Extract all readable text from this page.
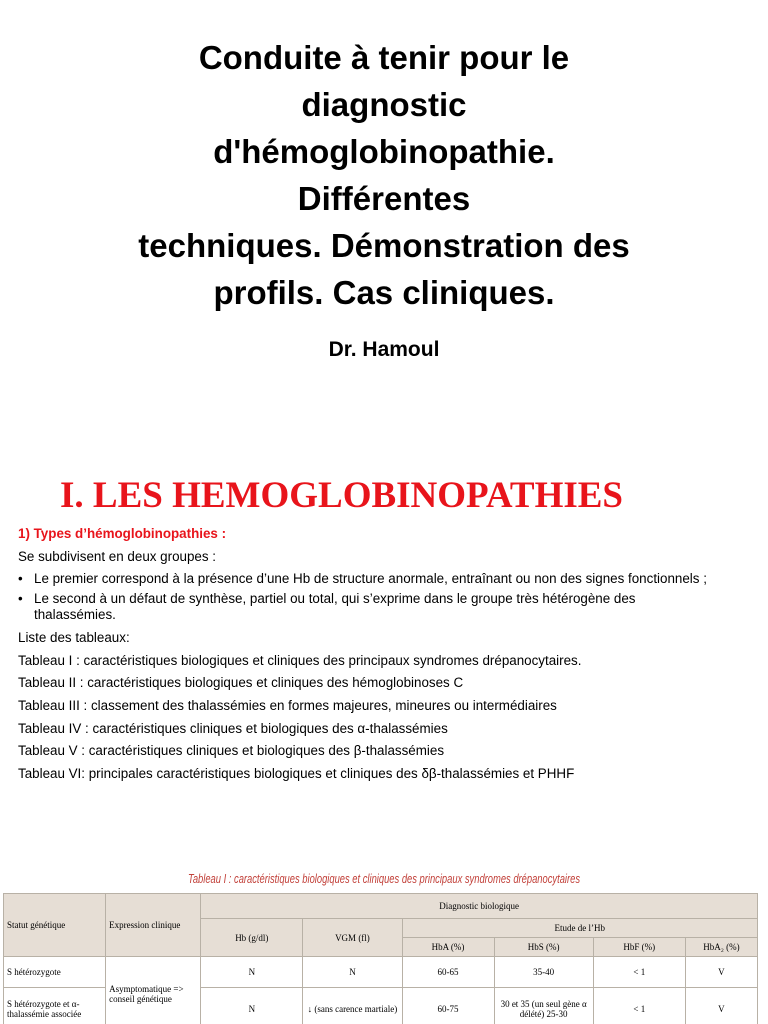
Conduite à tenir pour le
diagnostic
d'hémoglobinopathie.
Différentes
techniques. Démonstration des
profils. Cas cliniques.
Dr. Hamoul
I. LES HEMOGLOBINOPATHIES
1) Types d’hémoglobinopathies :
Se subdivisent en deux groupes :
• Le premier correspond à la présence d’une Hb de structure anormale, entraînant ou non des signes fonctionnels ;
• Le second à un défaut de synthèse, partiel ou total, qui s’exprime dans le groupe très hétérogène des thalassémies.
Liste des tableaux:
Tableau I : caractéristiques biologiques et cliniques des principaux syndromes drépanocytaires.
Tableau II : caractéristiques biologiques et cliniques des hémoglobinoses C
Tableau III : classement des thalassémies en formes majeures, mineures ou intermédiaires
Tableau IV : caractéristiques cliniques et biologiques des α-thalassémies
Tableau V : caractéristiques cliniques et biologiques des β-thalassémies
Tableau VI: principales caractéristiques biologiques et cliniques des δβ-thalassémies et PHHF
Tableau I : caractéristiques biologiques et cliniques des principaux syndromes drépanocytaires
Statut génétique	Expression clinique	Diagnostic biologique					
		Hb (g/dl)	VGM (fl)	Etude de l’Hb			
				HbA (%)	HbS (%)	HbF (%)	HbA₂ (%)
S hétérozygote	Asymptomatique => conseil génétique	N	N	60-65	35-40	< 1	V
S hétérozygote et α-thalassémie associée		N	↓ (sans carence martiale)	60-75	30 et 35 (un seul gène α délété) 25-30	< 1	V
